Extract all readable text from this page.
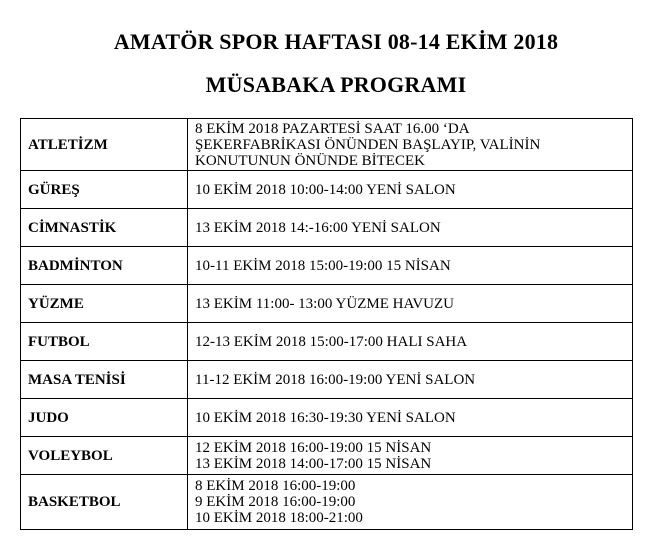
AMATÖR SPOR HAFTASI 08-14 EKİM 2018
MÜSABAKA PROGRAMI
ATLETİZM	8 EKİM 2018 PAZARTESİ SAAT 16.00 ‘DA
ŞEKERFABRİKASI ÖNÜNDEN BAŞLAYIP, VALİNİN
KONUTUNUN ÖNÜNDE BİTECEK

GÜREŞ	10 EKİM 2018 10:00-14:00 YENİ SALON

CİMNASTİK	13 EKİM 2018 14:-16:00 YENİ SALON

BADMİNTON	10-11 EKİM 2018 15:00-19:00 15 NİSAN

YÜZME	13 EKİM 11:00- 13:00 YÜZME HAVUZU

FUTBOL	12-13 EKİM 2018 15:00-17:00 HALI SAHA

MASA TENİSİ	11-12 EKİM 2018 16:00-19:00 YENİ SALON

JUDO	10 EKİM 2018 16:30-19:30 YENİ SALON

VOLEYBOL	12 EKİM 2018 16:00-19:00 15 NİSAN
13 EKİM 2018 14:00-17:00 15 NİSAN

BASKETBOL	8 EKİM 2018 16:00-19:00
9 EKİM 2018 16:00-19:00
10 EKİM 2018 18:00-21:00
